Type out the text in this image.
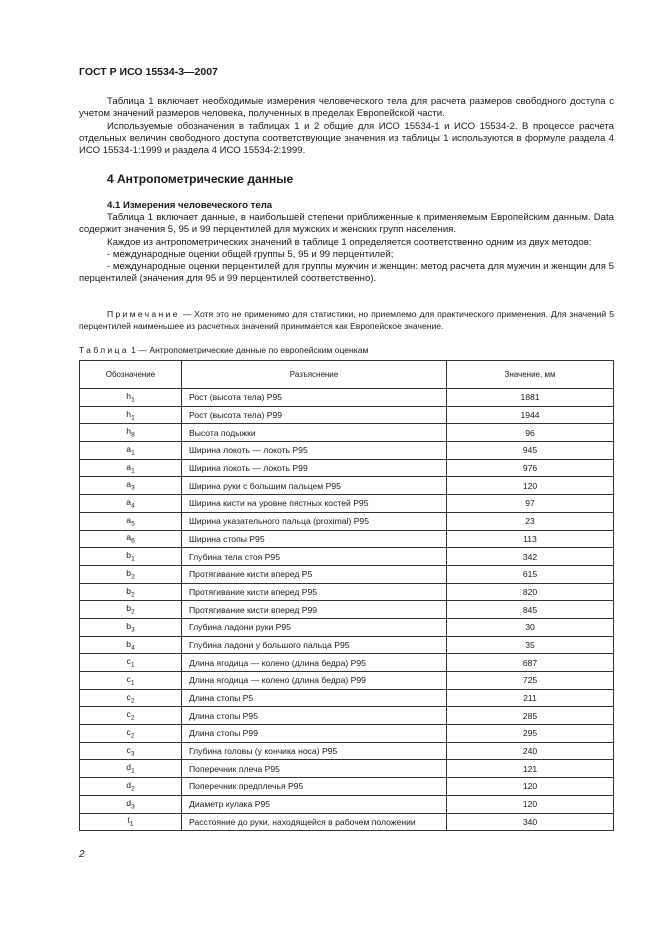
ГОСТ Р ИСО 15534-3—2007

Таблица 1 включает необходимые измерения человеческого тела для расчета размеров свободного доступа с учетом значений размеров человека, полученных в пределах Европейской части.

Используемые обозначения в таблицах 1 и 2 общие для ИСО 15534-1 и ИСО 15534-2. В процессе расчета отдельных величин свободного доступа соответствующие значения из таблицы 1 используются в формуле раздела 4 ИСО 15534-1:1999 и раздела 4 ИСО 15534-2:1999.

4 Антропометрические данные
4.1 Измерения человеческого тела

Таблица 1 включает данные, в наибольшей степени приближенные к применяемым Европейским данным. Data содержит значения 5, 95 и 99 перцентилей для мужских и женских групп населения.

Каждое из антропометрических значений в таблице 1 определяется соответственно одним из двух методов:

- международные оценки общей группы 5, 95 и 99 перцентилей;

- международные оценки перцентилей для группы мужчин и женщин: метод расчета для мужчин и женщин для 5 перцентилей (значения для 95 и 99 перцентилей соответственно).

Примечание — Хотя это не применимо для статистики, но приемлемо для практического применения. Для значений 5 перцентилей наименьшее из расчетных значений принимается как Европейское значение.

Таблица 1 — Антропометрические данные по европейским оценкам
Обозначение	Разъяснение	Значение, мм
$h_1$	Рост (высота тела) Р95	1881
$h_1$	Рост (высота тела) Р99	1944
$h_8$	Высота подыжки	96
$a_1$	Ширина локоть — локоть Р95	945
$a_1$	Ширина локоть — локоть Р99	976
$a_3$	Ширина руки с большим пальцем Р95	120
$a_4$	Ширина кисти на уровне пястных костей Р95	97
$a_5$	Ширина указательного пальца (proximal) Р95	23
$a_6$	Ширина стопы Р95	113
$b_1$	Глубина тела стоя Р95	342
$b_2$	Протягивание кисти вперед Р5	615
$b_2$	Протягивание кисти вперед Р95	820
$b_2$	Протягивание кисти вперед Р99	845
$b_3$	Глубина ладони руки Р95	30
$b_4$	Глубина ладони у большого пальца Р95	35
$c_1$	Длина ягодица — колено (длина бедра) Р95	687
$c_1$	Длина ягодица — колено (длина бедра) Р99	725
$c_2$	Длина стопы Р5	211
$c_2$	Длина стопы Р95	285
$c_2$	Длина стопы Р99	295
$c_3$	Глубина головы (у кончика носа) Р95	240
$d_1$	Поперечник плеча Р95	121
$d_2$	Поперечник предплечья Р95	120
$d_3$	Диаметр кулака Р95	120
$t_1$	Расстояние до руки, находящейся в рабочем положении	340
2
